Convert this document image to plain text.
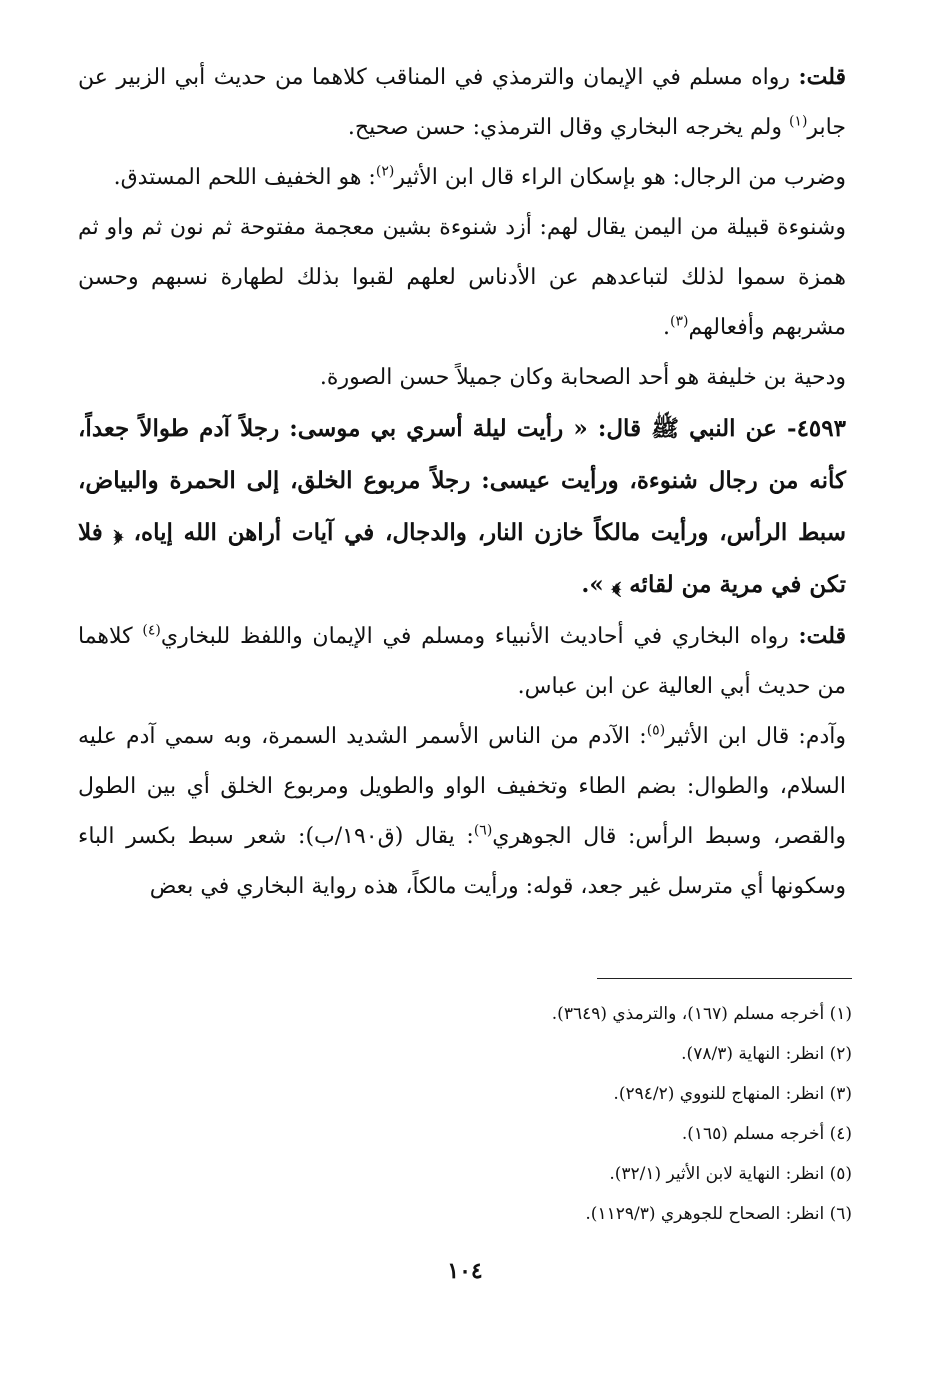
قلت: رواه مسلم في الإيمان والترمذي في المناقب كلاهما من حديث أبي الزبير عن جابر$^{(١)}$ ولم يخرجه البخاري وقال الترمذي: حسن صحيح.

وضرب من الرجال: هو بإسكان الراء قال ابن الأثير$^{(٢)}$: هو الخفيف اللحم المستدق.

وشنوءة قبيلة من اليمن يقال لهم: أزد شنوءة بشين معجمة مفتوحة ثم نون ثم واو ثم همزة سموا لذلك لتباعدهم عن الأدناس لعلهم لقبوا بذلك لطهارة نسبهم وحسن مشربهم وأفعالهم$^{(٣)}$.

ودحية بن خليفة هو أحد الصحابة وكان جميلاً حسن الصورة.

٤٥٩٣- عن النبي ﷺ قال: « رأيت ليلة أسري بي موسى: رجلاً آدم طوالاً جعداً، كأنه من رجال شنوءة، ورأيت عيسى: رجلاً مربوع الخلق، إلى الحمرة والبياض، سبط الرأس، ورأيت مالكاً خازن النار، والدجال، في آيات أراهن الله إياه، ﴿ فلا تكن في مرية من لقائه ﴾ ».

قلت: رواه البخاري في أحاديث الأنبياء ومسلم في الإيمان واللفظ للبخاري$^{(٤)}$ كلاهما من حديث أبي العالية عن ابن عباس.

وآدم: قال ابن الأثير$^{(٥)}$: الآدم من الناس الأسمر الشديد السمرة، وبه سمي آدم عليه السلام، والطوال: بضم الطاء وتخفيف الواو والطويل ومربوع الخلق أي بين الطول والقصر، وسبط الرأس: قال الجوهري$^{(٦)}$: يقال (ق١٩٠/ب): شعر سبط بكسر الباء وسكونها أي مترسل غير جعد، قوله: ورأيت مالكاً، هذه رواية البخاري في بعض

(١) أخرجه مسلم (١٦٧)، والترمذي (٣٦٤٩).

(٢) انظر: النهاية (٧٨/٣).

(٣) انظر: المنهاج للنووي (٢٩٤/٢).

(٤) أخرجه مسلم (١٦٥).

(٥) انظر: النهاية لابن الأثير (٣٢/١).

(٦) انظر: الصحاح للجوهري (١١٢٩/٣).

١٠٤
